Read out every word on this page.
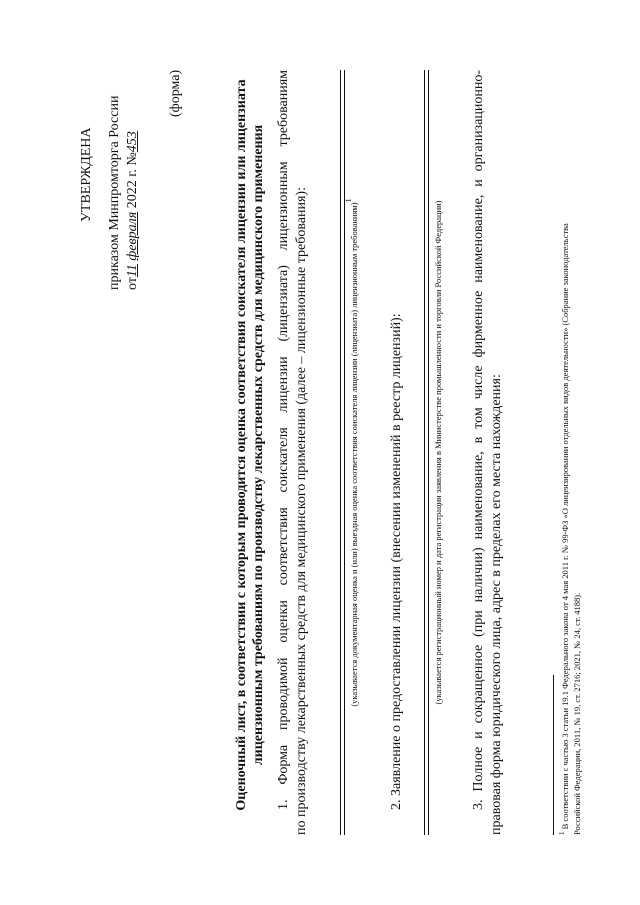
УТВЕРЖДЕНА приказом Минпромторга России от11 февраля 2022 г. №453
(форма)	Оценочный лист, в соответствии с которым проводится оценка соответствия соискателя лицензии или лицензиата лицензионным требованиям по производству лекарственных средств для медицинского применения 1. Форма проводимой оценки соответствия соискателя лицензии (лицензиата) лицензионным требованиям по производству лекарственных средств для медицинского применения (далее – лицензионные требования):	(указывается документарная оценка и (или) выездная оценка соответствия соискателя лицензии (лицензиата) лицензионным требованиям)1
2. Заявление о предоставлении лицензии (внесении изменений в реестр лицензий):	(указывается регистрационный номер и дата регистрации заявления в Министерстве промышленности и торговли Российской Федерации) 3. Полное и сокращенное (при наличии) наименование, в том числе фирменное наименование, и организационно- правовая форма юридического лица, адрес в пределах его места нахождения:	$^1$ В соответствии с частью 3 статьи 19.1 Федерального закона от 4 мая 2011 г. № 99-ФЗ «О лицензировании отдельных видов деятельности» (Собрание законодательства Российской Федерации, 2011, № 19, ст. 2716; 2021, № 24, ст. 4188).
